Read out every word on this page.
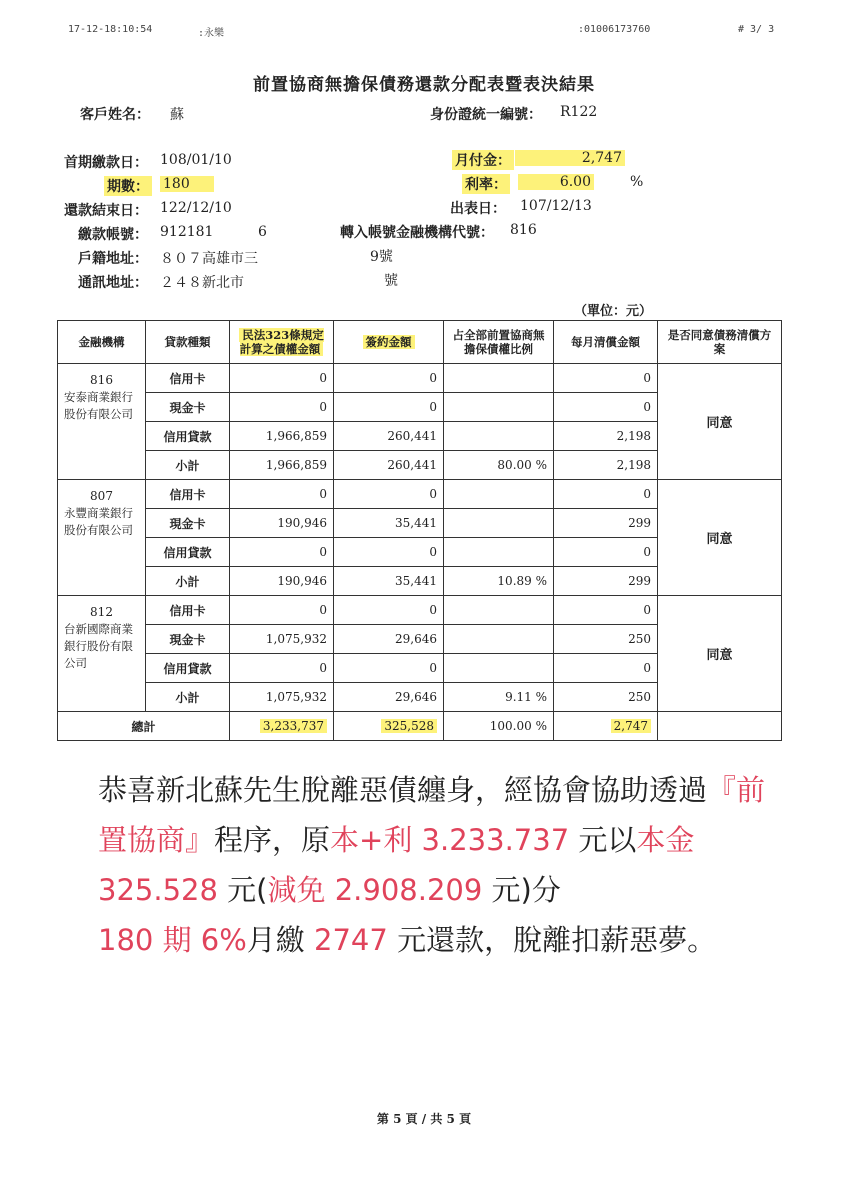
17-12-18:10:54	:永樂	:01006173760	# 3/ 3
前置協商無擔保債務還款分配表暨表決結果
客戶姓名： 蘇	身份證統一編號： R122
首期繳款日： 108/01/10	月付金：	2,747
期數： 180	利率：	6.00	%
還款結束日： 122/12/10	出表日： 107/12/13
繳款帳號： 912181	6	轉入帳號金融機構代號： 816
戶籍地址： ８０７高雄市三	9號
通訊地址： ２４８新北市	號
（單位：元）
金融機構	貸款種類	民法323條規定計算之債權金額	簽約金額	占全部前置協商無擔保債權比例	每月清償金額	是否同意債務清償方案

816
安泰商業銀行股份有限公司	信用卡	0	0		0	同意
	現金卡	0	0		0	
	信用貸款	1,966,859	260,441		2,198	
	小計	1,966,859	260,441	80.00 %	2,198	

807
永豐商業銀行股份有限公司	信用卡	0	0		0	同意
	現金卡	190,946	35,441		299	
	信用貸款	0	0		0	
	小計	190,946	35,441	10.89 %	299	

812
台新國際商業銀行股份有限公司	信用卡	0	0		0	同意
	現金卡	1,075,932	29,646		250	
	信用貸款	0	0		0	
	小計	1,075,932	29,646	9.11 %	250	
總計		3,233,737	325,528	100.00 %	2,747	
恭喜新北蘇先生脫離惡債纏身，經協會協助透過『前置協商』程序，原本+利 3.233.737 元以本金 325.528 元(減免 2.908.209 元)分
180 期 6%月繳 2747 元還款，脫離扣薪惡夢。
第 5 頁 / 共 5 頁
